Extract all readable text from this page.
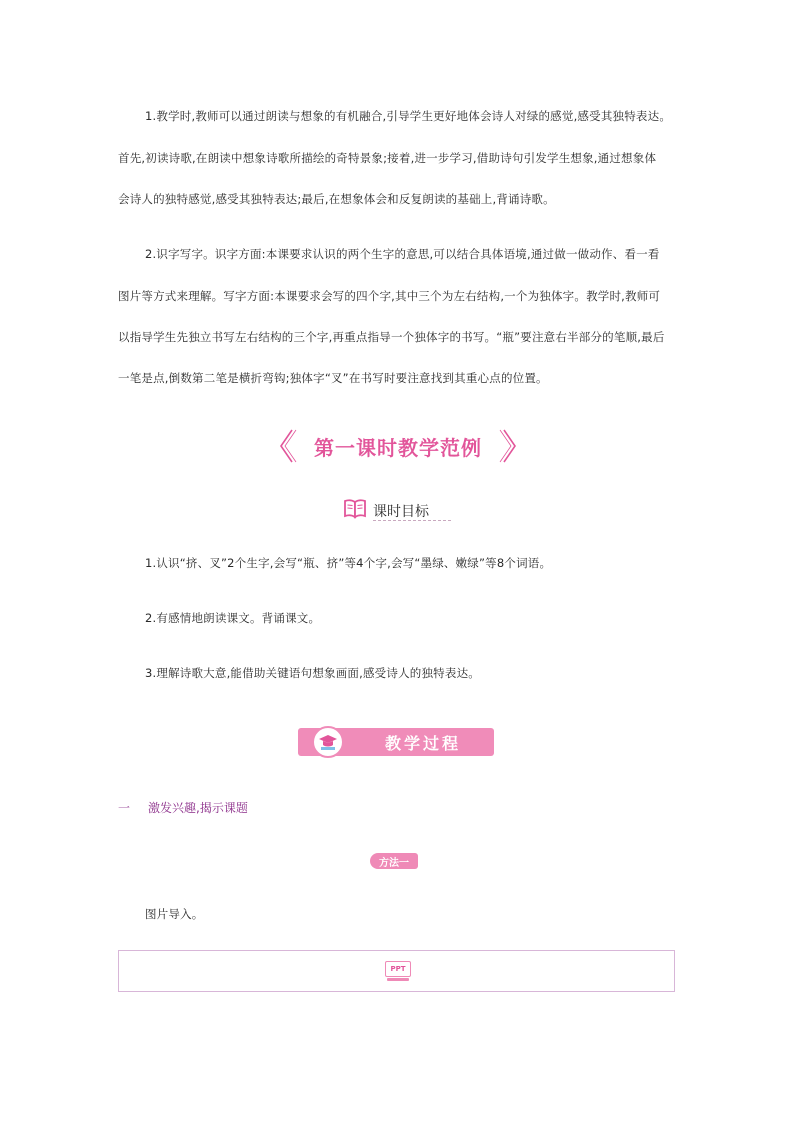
1.教学时,教师可以通过朗读与想象的有机融合,引导学生更好地体会诗人对绿的感觉,感受其独特表达。

首先,初读诗歌,在朗读中想象诗歌所描绘的奇特景象;接着,进一步学习,借助诗句引发学生想象,通过想象体

会诗人的独特感觉,感受其独特表达;最后,在想象体会和反复朗读的基础上,背诵诗歌。

2.识字写字。识字方面:本课要求认识的两个生字的意思,可以结合具体语境,通过做一做动作、看一看

图片等方式来理解。写字方面:本课要求会写的四个字,其中三个为左右结构,一个为独体字。教学时,教师可

以指导学生先独立书写左右结构的三个字,再重点指导一个独体字的书写。“瓶”要注意右半部分的笔顺,最后

一笔是点,倒数第二笔是横折弯钩;独体字“叉”在书写时要注意找到其重心点的位置。

第一课时教学范例
课时目标

1.认识“挤、叉”2个生字,会写“瓶、挤”等4个字,会写“墨绿、嫩绿”等8个词语。

2.有感情地朗读课文。背诵课文。

3.理解诗歌大意,能借助关键语句想象画面,感受诗人的独特表达。

教学过程
一 激发兴趣,揭示课题
方法一

图片导入。

PPT
